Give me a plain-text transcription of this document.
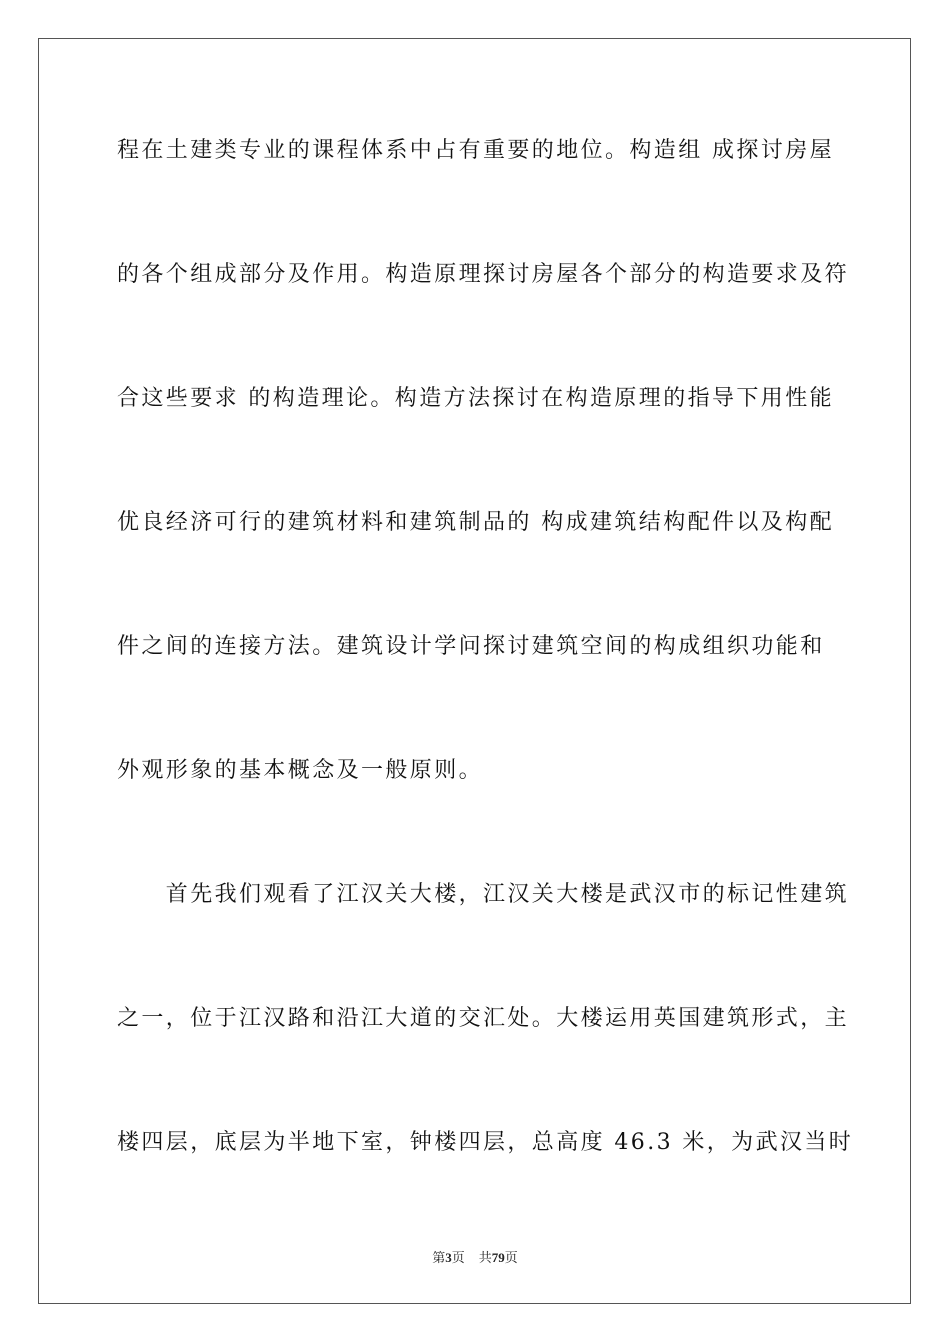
程在土建类专业的课程体系中占有重要的地位。构造组 成探讨房屋
的各个组成部分及作用。构造原理探讨房屋各个部分的构造要求及符
合这些要求 的构造理论。构造方法探讨在构造原理的指导下用性能
优良经济可行的建筑材料和建筑制品的 构成建筑结构配件以及构配
件之间的连接方法。建筑设计学问探讨建筑空间的构成组织功能和
外观形象的基本概念及一般原则。
　　首先我们观看了江汉关大楼，江汉关大楼是武汉市的标记性建筑
之一，位于江汉路和沿江大道的交汇处。大楼运用英国建筑形式，主
楼四层，底层为半地下室，钟楼四层，总高度 46.3 米，为武汉当时
第3页 共79页
